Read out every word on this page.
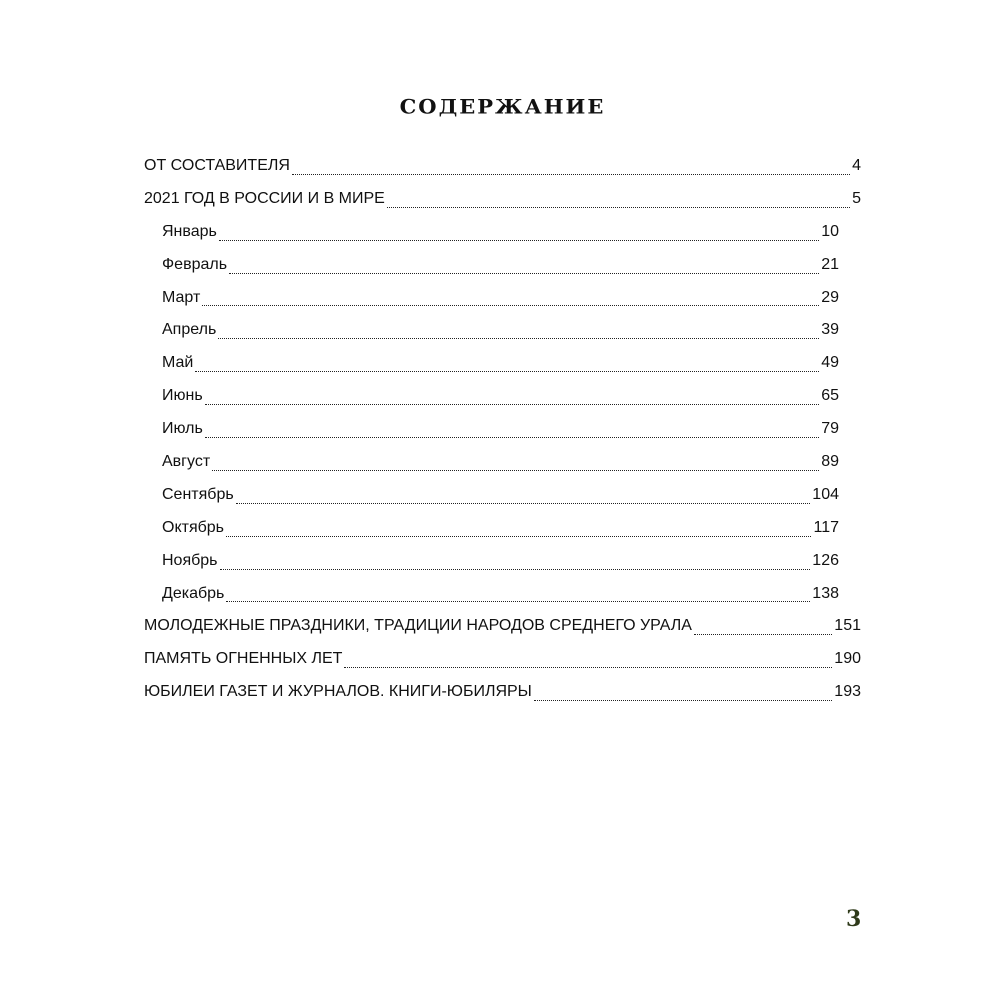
СОДЕРЖАНИЕ
ОТ СОСТАВИТЕЛЯ	4
2021 ГОД В РОССИИ И В МИРЕ	5
Январь	10
Февраль	21
Март	29
Апрель	39
Май	49
Июнь	65
Июль	79
Август	89
Сентябрь	104
Октябрь	117
Ноябрь	126
Декабрь	138
МОЛОДЕЖНЫЕ ПРАЗДНИКИ, ТРАДИЦИИ НАРОДОВ СРЕДНЕГО УРАЛА	151
ПАМЯТЬ ОГНЕННЫХ ЛЕТ	190
ЮБИЛЕИ ГАЗЕТ И ЖУРНАЛОВ. КНИГИ-ЮБИЛЯРЫ	193
3
